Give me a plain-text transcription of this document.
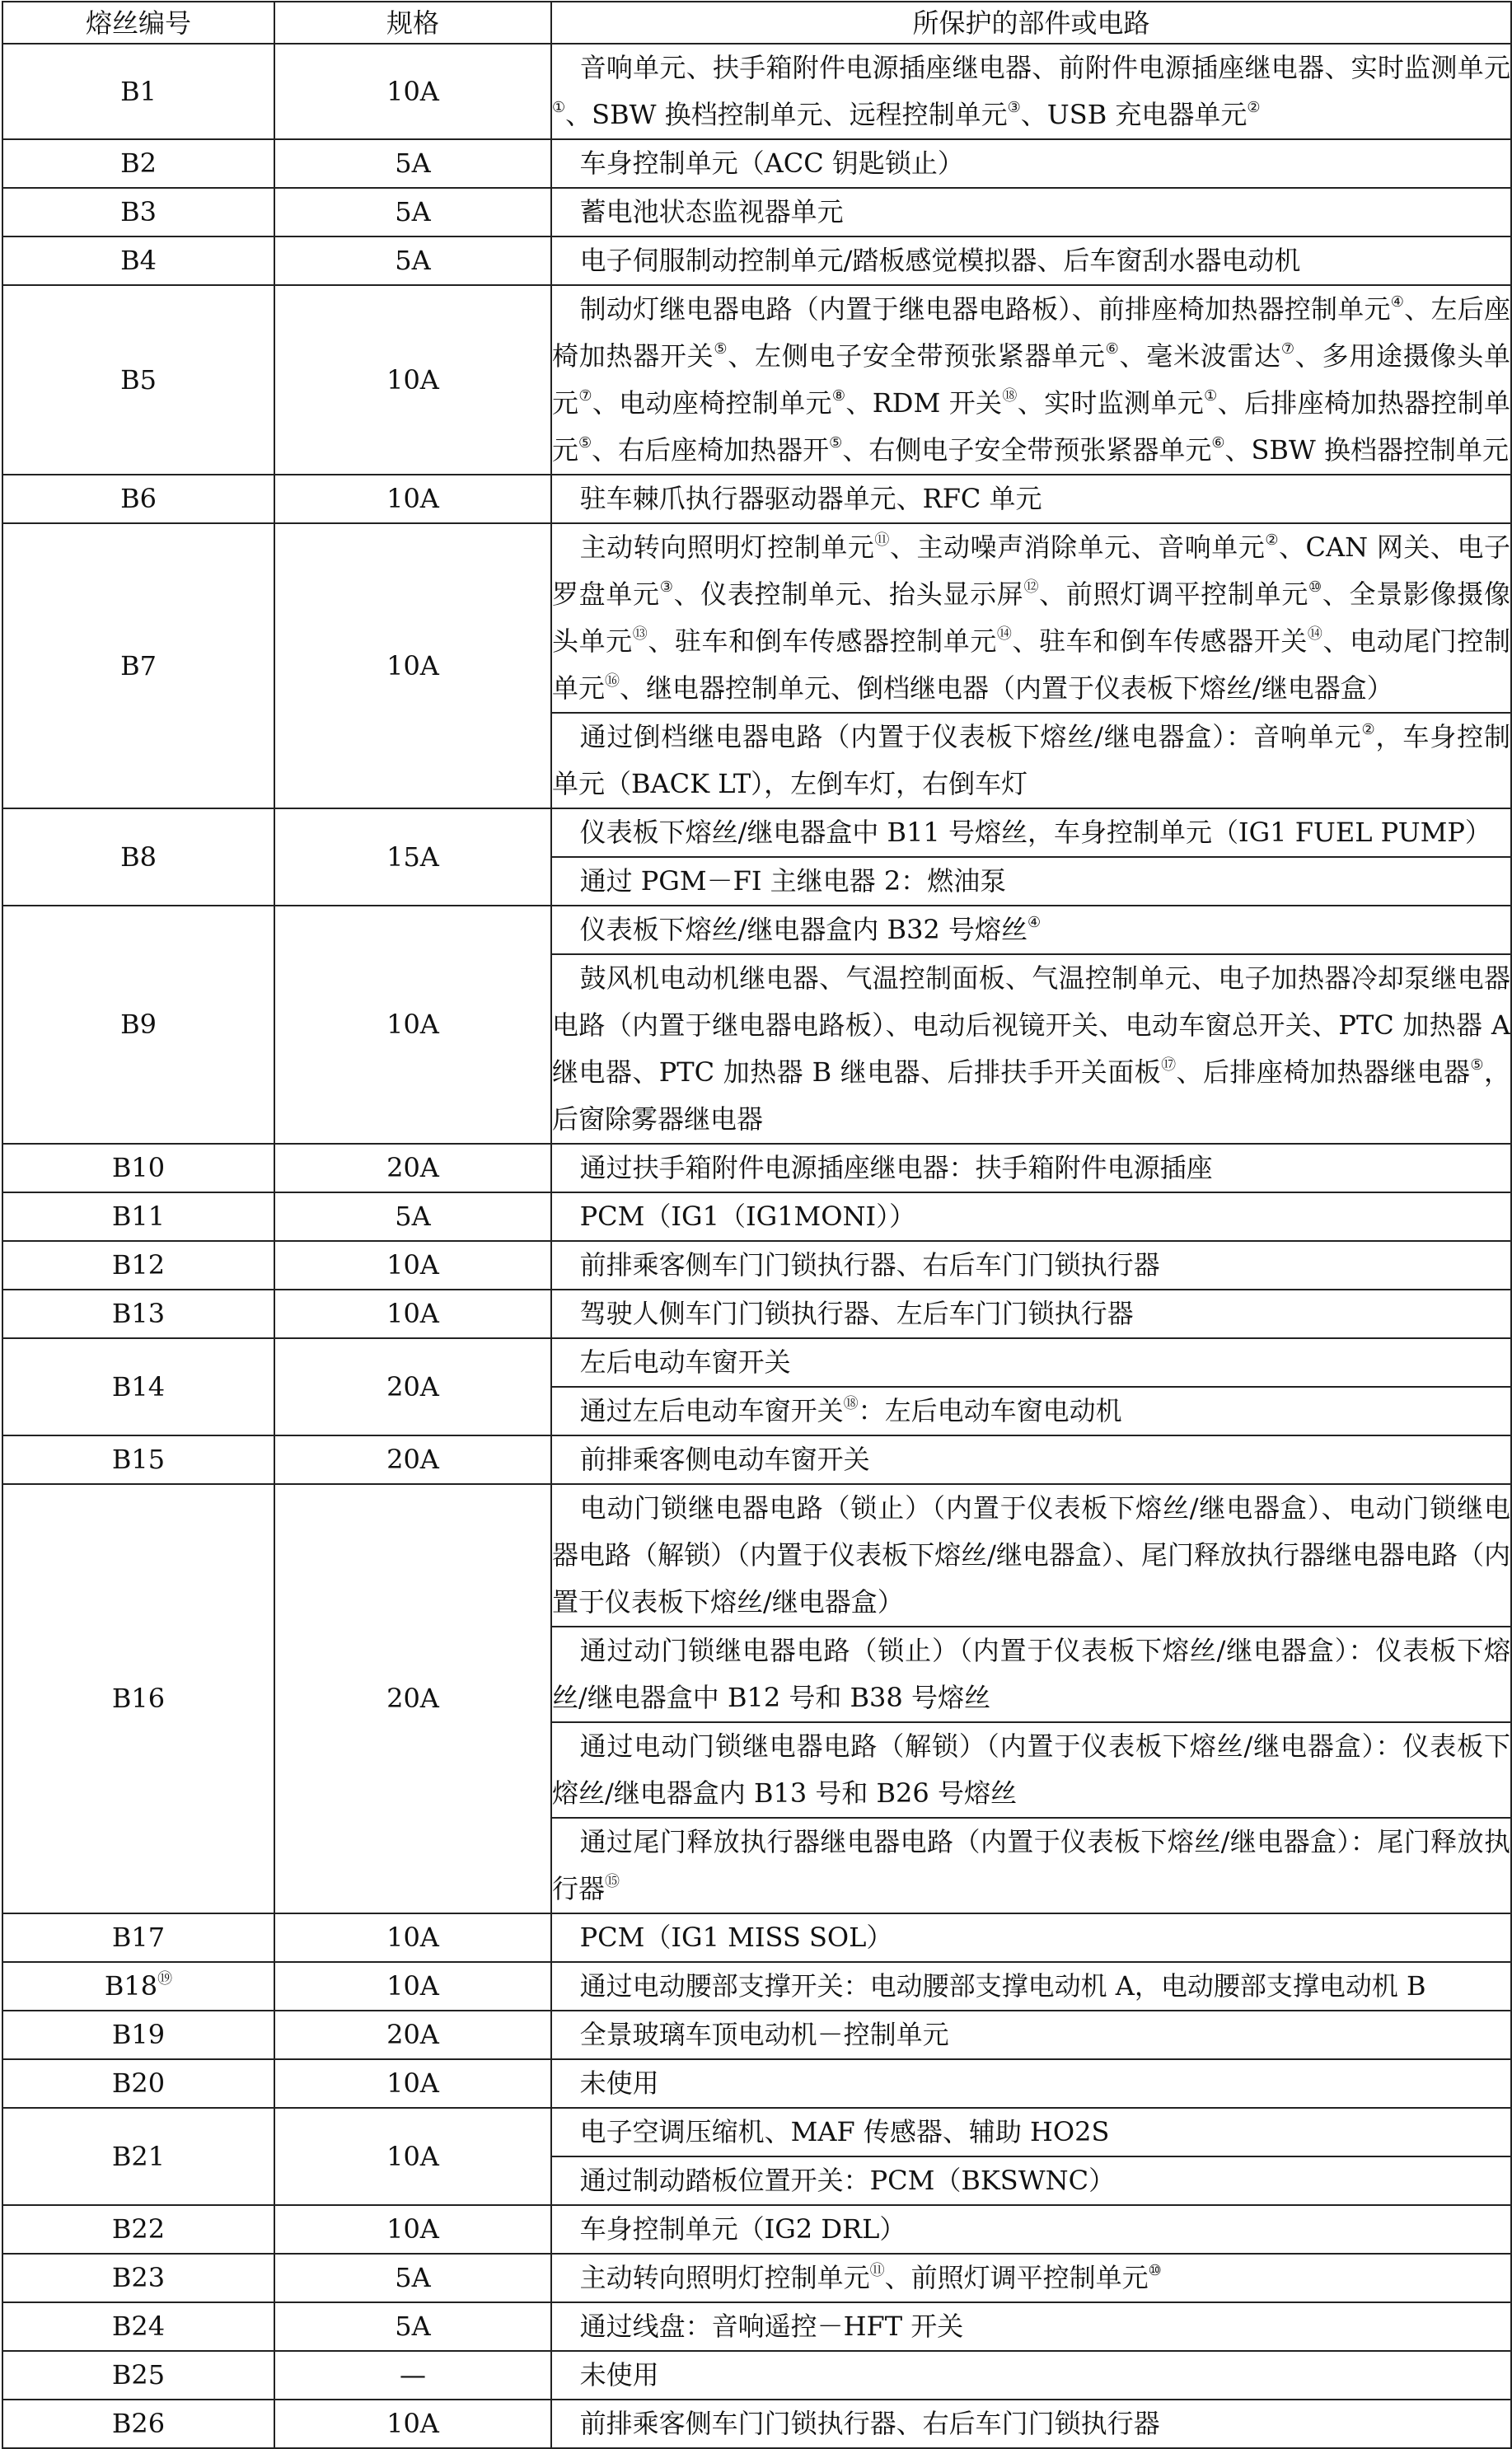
熔丝编号	规格	所保护的部件或电路
B1	10A	音响单元、扶手箱附件电源插座继电器、前附件电源插座继电器、实时监测单元①、SBW 换档控制单元、远程控制单元③、USB 充电器单元②

B2	5A	车身控制单元（ACC 钥匙锁止）

B3	5A	蓄电池状态监视器单元

B4	5A	电子伺服制动控制单元/踏板感觉模拟器、后车窗刮水器电动机

B5	10A	制动灯继电器电路（内置于继电器电路板）、前排座椅加热器控制单元④、左后座椅加热器开关⑤、左侧电子安全带预张紧器单元⑥、毫米波雷达⑦、多用途摄像头单元⑦、电动座椅控制单元⑧、RDM 开关⑱、实时监测单元①、后排座椅加热器控制单元⑤、右后座椅加热器开⑤、右侧电子安全带预张紧器单元⑥、SBW 换档器控制单元

B6	10A	驻车棘爪执行器驱动器单元、RFC 单元

B7	10A	主动转向照明灯控制单元⑪、主动噪声消除单元、音响单元②、CAN 网关、电子罗盘单元③、仪表控制单元、抬头显示屏⑫、前照灯调平控制单元⑩、全景影像摄像头单元⑬、驻车和倒车传感器控制单元⑭、驻车和倒车传感器开关⑭、电动尾门控制单元⑯、继电器控制单元、倒档继电器（内置于仪表板下熔丝/继电器盒）

		通过倒档继电器电路（内置于仪表板下熔丝/继电器盒）：音响单元②，车身控制单元（BACK LT），左倒车灯，右倒车灯

B8	15A	仪表板下熔丝/继电器盒中 B11 号熔丝，车身控制单元（IG1 FUEL PUMP）

		通过 PGM－FI 主继电器 2：燃油泵

B9	10A	仪表板下熔丝/继电器盒内 B32 号熔丝④

		鼓风机电动机继电器、气温控制面板、气温控制单元、电子加热器冷却泵继电器电路（内置于继电器电路板）、电动后视镜开关、电动车窗总开关、PTC 加热器 A 继电器、PTC 加热器 B 继电器、后排扶手开关面板⑰、后排座椅加热器继电器⑤，后窗除雾器继电器

B10	20A	通过扶手箱附件电源插座继电器：扶手箱附件电源插座

B11	5A	PCM（IG1（IG1MONI））

B12	10A	前排乘客侧车门门锁执行器、右后车门门锁执行器

B13	10A	驾驶人侧车门门锁执行器、左后车门门锁执行器

B14	20A	左后电动车窗开关

		通过左后电动车窗开关⑱：左后电动车窗电动机

B15	20A	前排乘客侧电动车窗开关

B16	20A	电动门锁继电器电路（锁止）（内置于仪表板下熔丝/继电器盒）、电动门锁继电器电路（解锁）（内置于仪表板下熔丝/继电器盒）、尾门释放执行器继电器电路（内置于仪表板下熔丝/继电器盒）

		通过动门锁继电器电路（锁止）（内置于仪表板下熔丝/继电器盒）：仪表板下熔丝/继电器盒中 B12 号和 B38 号熔丝

		通过电动门锁继电器电路（解锁）（内置于仪表板下熔丝/继电器盒）：仪表板下熔丝/继电器盒内 B13 号和 B26 号熔丝

		通过尾门释放执行器继电器电路（内置于仪表板下熔丝/继电器盒）：尾门释放执行器⑮

B17	10A	PCM（IG1 MISS SOL）

B18⑲	10A	通过电动腰部支撑开关：电动腰部支撑电动机 A，电动腰部支撑电动机 B

B19	20A	全景玻璃车顶电动机－控制单元

B20	10A	未使用

B21	10A	电子空调压缩机、MAF 传感器、辅助 HO2S

		通过制动踏板位置开关：PCM（BKSWNC）

B22	10A	车身控制单元（IG2 DRL）

B23	5A	主动转向照明灯控制单元⑪、前照灯调平控制单元⑩

B24	5A	通过线盘：音响遥控－HFT 开关

B25	—	未使用

B26	10A	前排乘客侧车门门锁执行器、右后车门门锁执行器
